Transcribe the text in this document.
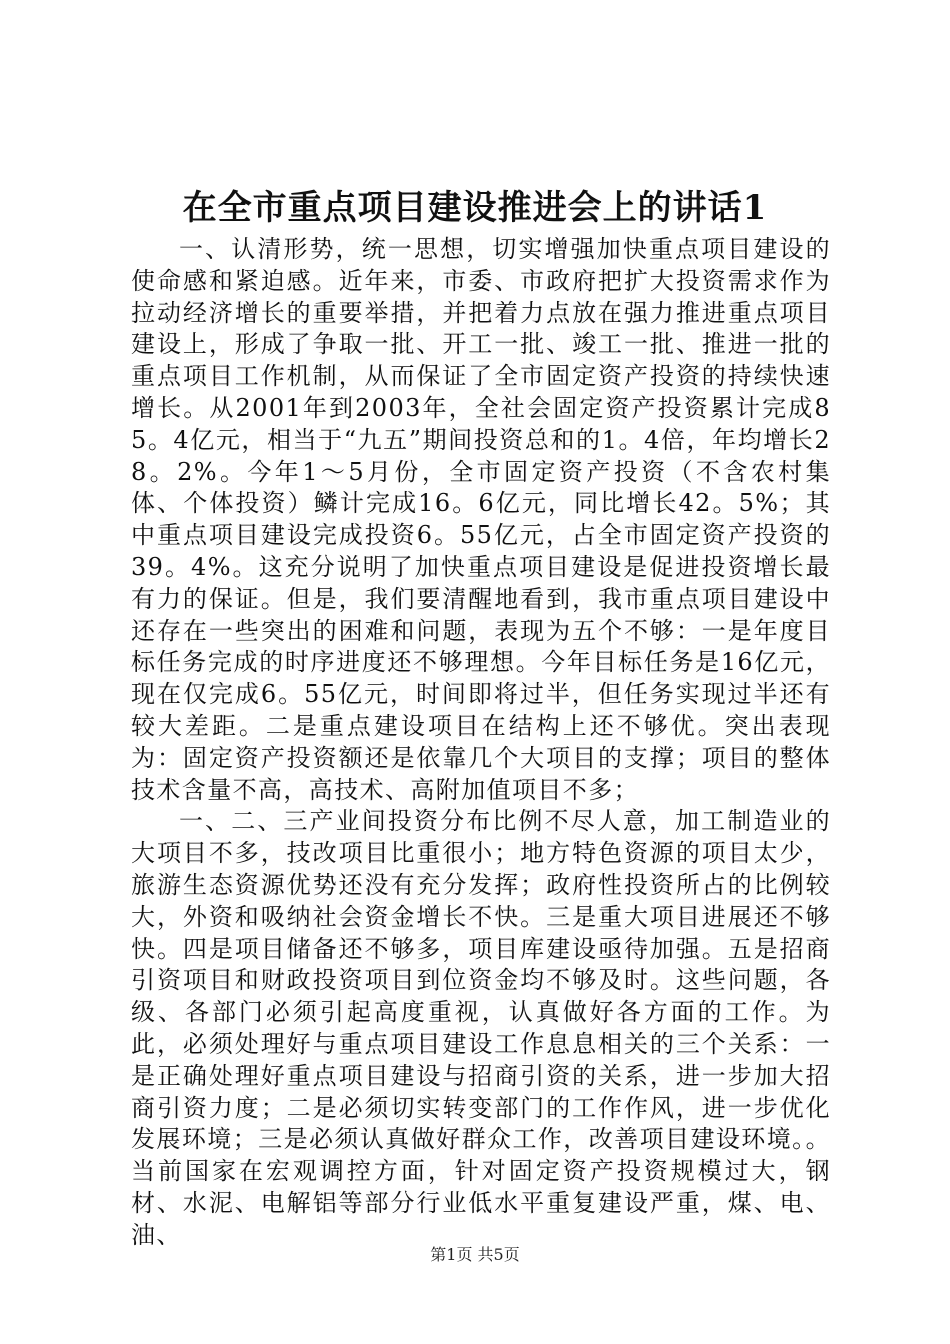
在全市重点项目建设推进会上的讲话1

一、认清形势，统一思想，切实增强加快重点项目建设的使命感和紧迫感。近年来，市委、市政府把扩大投资需求作为拉动经济增长的重要举措，并把着力点放在强力推进重点项目建设上，形成了争取一批、开工一批、竣工一批、推进一批的重点项目工作机制，从而保证了全市固定资产投资的持续快速增长。从2001年到2003年，全社会固定资产投资累计完成85。4亿元，相当于“九五”期间投资总和的1。4倍，年均增长28。2%。今年1～5月份，全市固定资产投资（不含农村集体、个体投资）鳞计完成16。6亿元，同比增长42。5%；其中重点项目建设完成投资6。55亿元，占全市固定资产投资的39。4%。这充分说明了加快重点项目建设是促进投资增长最有力的保证。但是，我们要清醒地看到，我市重点项目建设中还存在一些突出的困难和问题，表现为五个不够：一是年度目标任务完成的时序进度还不够理想。今年目标任务是16亿元，现在仅完成6。55亿元，时间即将过半，但任务实现过半还有较大差距。二是重点建设项目在结构上还不够优。突出表现为：固定资产投资额还是依靠几个大项目的支撑；项目的整体技术含量不高，高技术、高附加值项目不多；

一、二、三产业间投资分布比例不尽人意，加工制造业的大项目不多，技改项目比重很小；地方特色资源的项目太少，旅游生态资源优势还没有充分发挥；政府性投资所占的比例较大，外资和吸纳社会资金增长不快。三是重大项目进展还不够快。四是项目储备还不够多，项目库建设亟待加强。五是招商引资项目和财政投资项目到位资金均不够及时。这些问题，各级、各部门必须引起高度重视，认真做好各方面的工作。为此，必须处理好与重点项目建设工作息息相关的三个关系：一是正确处理好重点项目建设与招商引资的关系，进一步加大招商引资力度；二是必须切实转变部门的工作作风，进一步优化发展环境；三是必须认真做好群众工作，改善项目建设环境。。当前国家在宏观调控方面，针对固定资产投资规模过大，钢材、水泥、电解铝等部分行业低水平重复建设严重，煤、电、油、

第1页 共5页
